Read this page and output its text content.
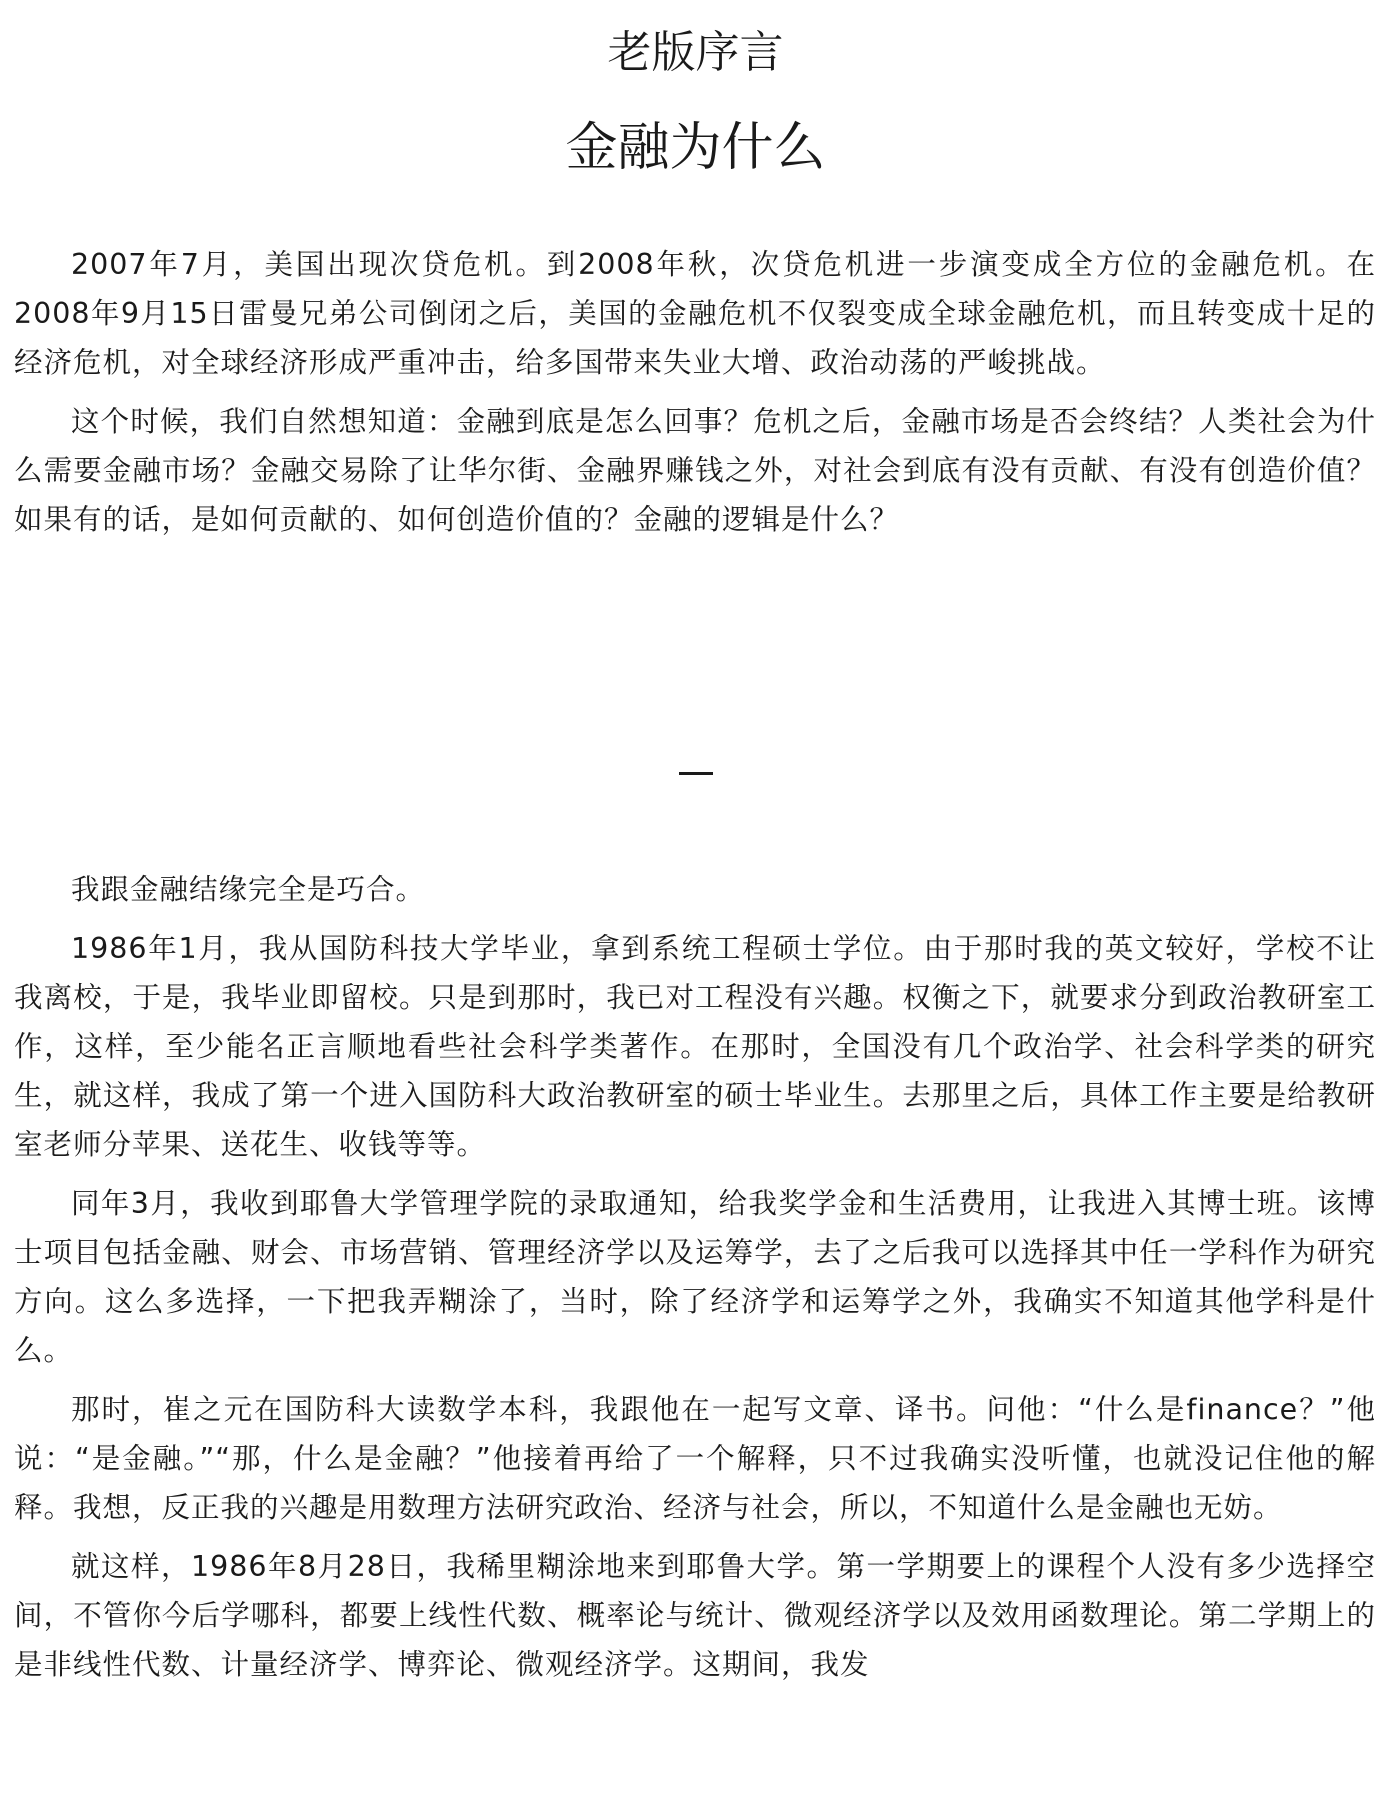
老版序言
金融为什么

2007年7月，美国出现次贷危机。到2008年秋，次贷危机进一步演变成全方位的金融危机。在2008年9月15日雷曼兄弟公司倒闭之后，美国的金融危机不仅裂变成全球金融危机，而且转变成十足的经济危机，对全球经济形成严重冲击，给多国带来失业大增、政治动荡的严峻挑战。

这个时候，我们自然想知道：金融到底是怎么回事？危机之后，金融市场是否会终结？人类社会为什么需要金融市场？金融交易除了让华尔街、金融界赚钱之外，对社会到底有没有贡献、有没有创造价值？如果有的话，是如何贡献的、如何创造价值的？金融的逻辑是什么？

我跟金融结缘完全是巧合。

1986年1月，我从国防科技大学毕业，拿到系统工程硕士学位。由于那时我的英文较好，学校不让我离校，于是，我毕业即留校。只是到那时，我已对工程没有兴趣。权衡之下，就要求分到政治教研室工作，这样，至少能名正言顺地看些社会科学类著作。在那时，全国没有几个政治学、社会科学类的研究生，就这样，我成了第一个进入国防科大政治教研室的硕士毕业生。去那里之后，具体工作主要是给教研室老师分苹果、送花生、收钱等等。

同年3月，我收到耶鲁大学管理学院的录取通知，给我奖学金和生活费用，让我进入其博士班。该博士项目包括金融、财会、市场营销、管理经济学以及运筹学，去了之后我可以选择其中任一学科作为研究方向。这么多选择，一下把我弄糊涂了，当时，除了经济学和运筹学之外，我确实不知道其他学科是什么。

那时，崔之元在国防科大读数学本科，我跟他在一起写文章、译书。问他：“什么是finance？”他说：“是金融。”“那，什么是金融？”他接着再给了一个解释，只不过我确实没听懂，也就没记住他的解释。我想，反正我的兴趣是用数理方法研究政治、经济与社会，所以，不知道什么是金融也无妨。

就这样，1986年8月28日，我稀里糊涂地来到耶鲁大学。第一学期要上的课程个人没有多少选择空间，不管你今后学哪科，都要上线性代数、概率论与统计、微观经济学以及效用函数理论。第二学期上的是非线性代数、计量经济学、博弈论、微观经济学。这期间，我发
